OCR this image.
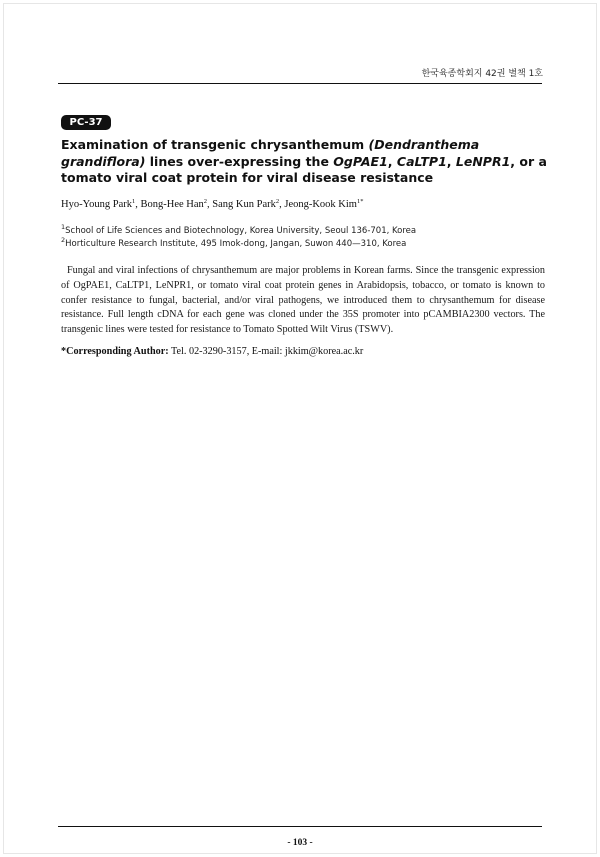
한국육종학회지 42권 별책 1호
PC-37
Examination of transgenic chrysanthemum (Dendranthema grandiflora) lines over-expressing the OgPAE1, CaLTP1, LeNPR1, or a tomato viral coat protein for viral disease resistance
Hyo-Young Park$^1$, Bong-Hee Han$^2$, Sang Kun Park$^2$, Jeong-Kook Kim$^{1*}$
$^1$School of Life Sciences and Biotechnology, Korea University, Seoul 136-701, Korea
$^2$Horticulture Research Institute, 495 Imok-dong, Jangan, Suwon 440—310, Korea

Fungal and viral infections of chrysanthemum are major problems in Korean farms. Since the transgenic expression of OgPAE1, CaLTP1, LeNPR1, or tomato viral coat protein genes in Arabidopsis, tobacco, or tomato is known to confer resistance to fungal, bacterial, and/or viral pathogens, we introduced them to chrysanthemum for disease resistance. Full length cDNA for each gene was cloned under the 35S promoter into pCAMBIA2300 vectors. The transgenic lines were tested for resistance to Tomato Spotted Wilt Virus (TSWV).

*Corresponding Author: Tel. 02-3290-3157, E-mail: jkkim@korea.ac.kr
- 103 -
